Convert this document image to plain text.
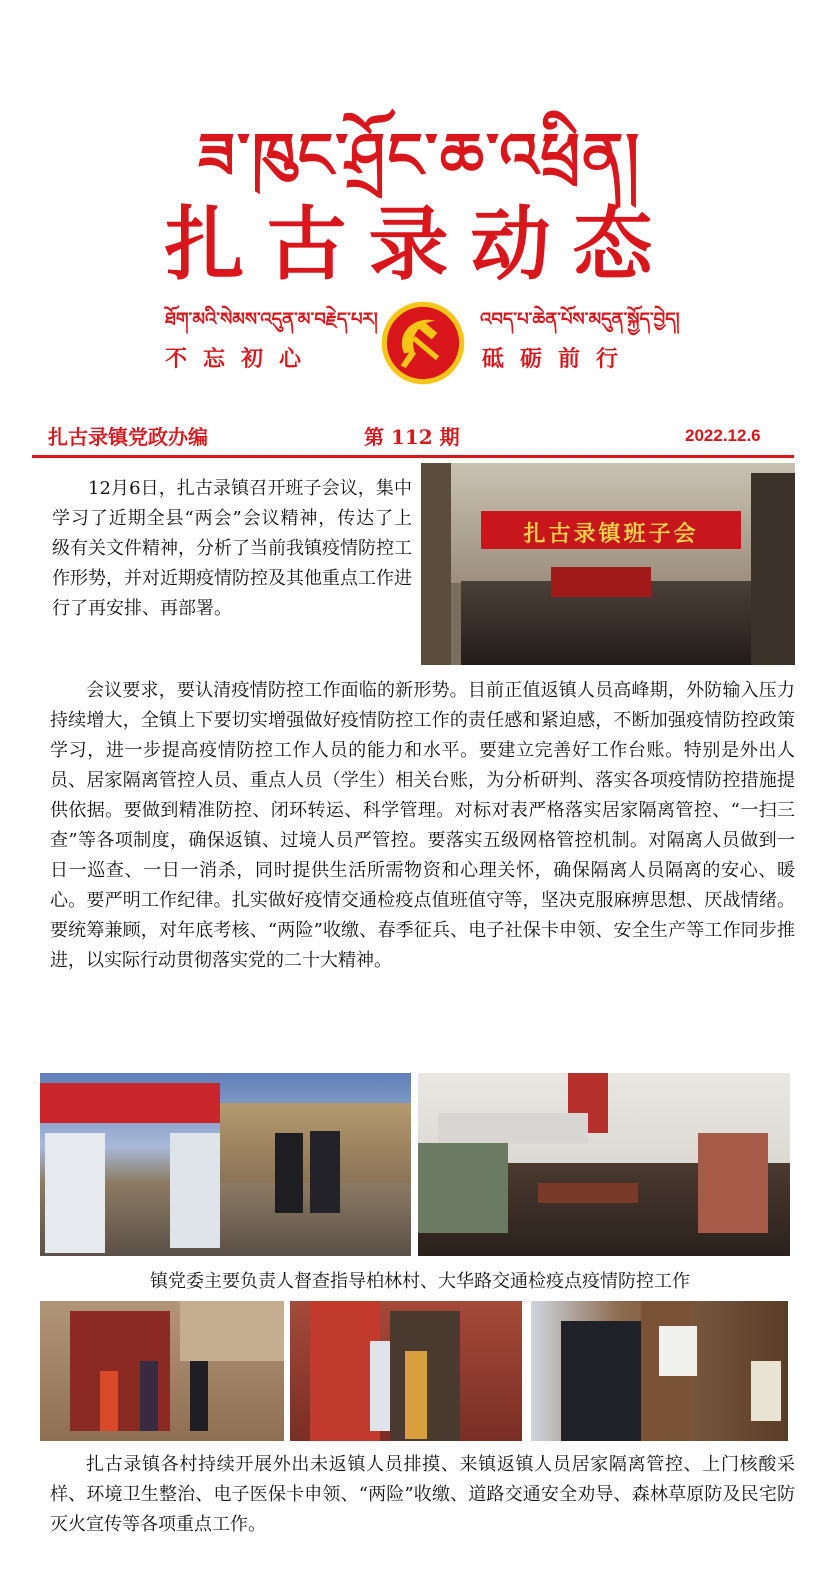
ཟ་ཁུང་ཤྲོང་ཆ་འཕྲིན།
扎古录动态
ཐོག་མའི་སེམས་འདུན་མ་བརྗེད་པར།
不忘初心
འབད་པ་ཆེན་པོས་མདུན་སྐྱོད་བྱེད།
砥砺前行
扎古录镇党政办编	第 112 期	2022.12.6
12月6日，扎古录镇召开班子会议，集中学习了近期全县“两会”会议精神，传达了上级有关文件精神，分析了当前我镇疫情防控工作形势，并对近期疫情防控及其他重点工作进行了再安排、再部署。
扎古录镇班子会
会议要求，要认清疫情防控工作面临的新形势。目前正值返镇人员高峰期，外防输入压力持续增大，全镇上下要切实增强做好疫情防控工作的责任感和紧迫感，不断加强疫情防控政策学习，进一步提高疫情防控工作人员的能力和水平。要建立完善好工作台账。特别是外出人员、居家隔离管控人员、重点人员（学生）相关台账，为分析研判、落实各项疫情防控措施提供依据。要做到精准防控、闭环转运、科学管理。对标对表严格落实居家隔离管控、“一扫三查”等各项制度，确保返镇、过境人员严管控。要落实五级网格管控机制。对隔离人员做到一日一巡查、一日一消杀，同时提供生活所需物资和心理关怀，确保隔离人员隔离的安心、暖心。要严明工作纪律。扎实做好疫情交通检疫点值班值守等，坚决克服麻痹思想、厌战情绪。要统筹兼顾，对年底考核、“两险”收缴、春季征兵、电子社保卡申领、安全生产等工作同步推进，以实际行动贯彻落实党的二十大精神。
镇党委主要负责人督查指导柏林村、大华路交通检疫点疫情防控工作
扎古录镇各村持续开展外出未返镇人员排摸、来镇返镇人员居家隔离管控、上门核酸采样、环境卫生整治、电子医保卡申领、“两险”收缴、道路交通安全劝导、森林草原防及民宅防灭火宣传等各项重点工作。
